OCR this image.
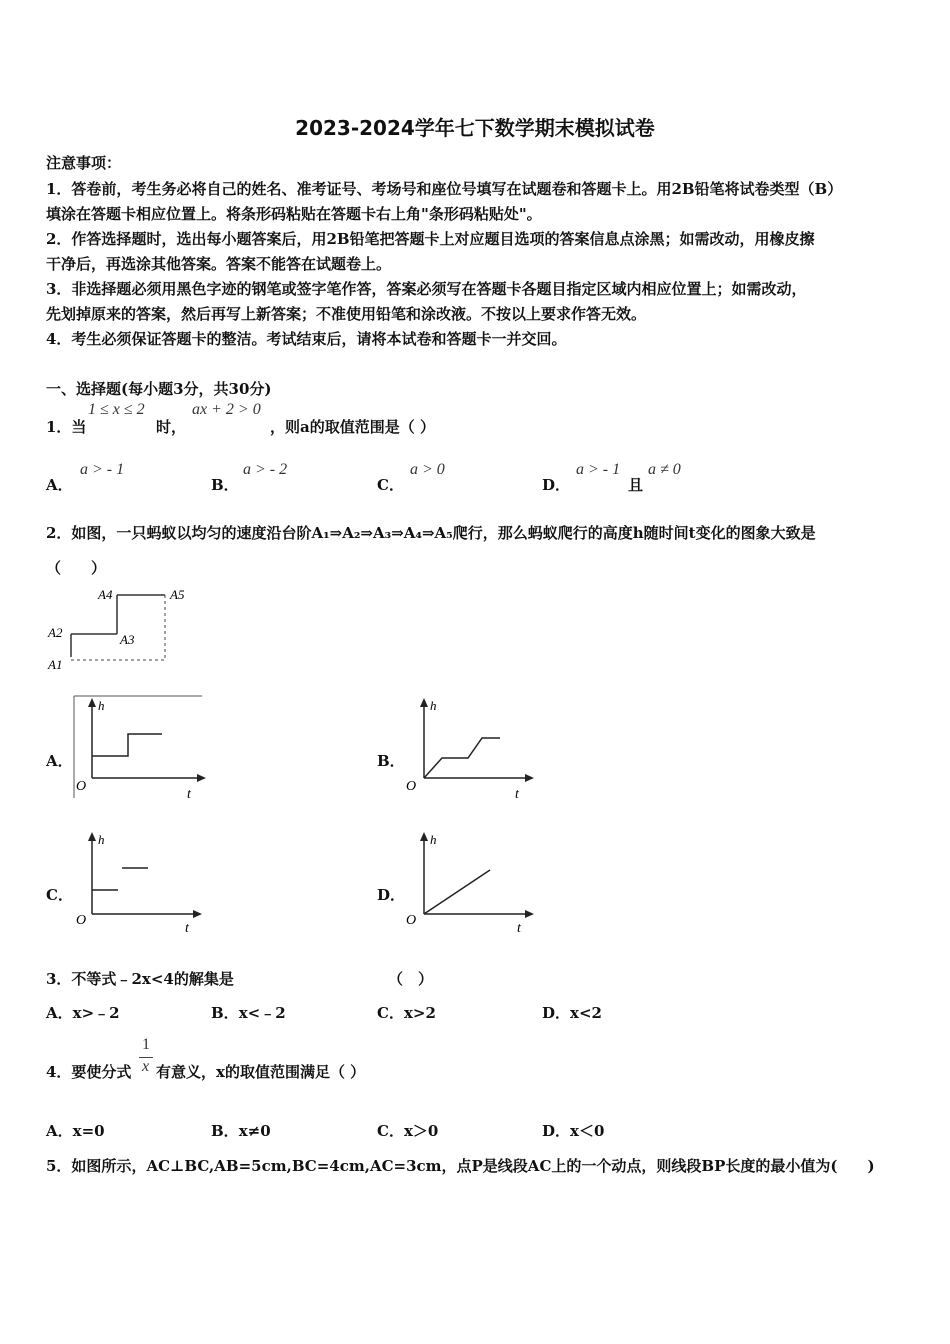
2023-2024学年七下数学期末模拟试卷
注意事项：
1．答卷前，考生务必将自己的姓名、准考证号、考场号和座位号填写在试题卷和答题卡上。用2B铅笔将试卷类型（B）
填涂在答题卡相应位置上。将条形码粘贴在答题卡右上角"条形码粘贴处"。
2．作答选择题时，选出每小题答案后，用2B铅笔把答题卡上对应题目选项的答案信息点涂黑；如需改动，用橡皮擦
干净后，再选涂其他答案。答案不能答在试题卷上。
3．非选择题必须用黑色字迹的钢笔或签字笔作答，答案必须写在答题卡各题目指定区域内相应位置上；如需改动，
先划掉原来的答案，然后再写上新答案；不准使用铅笔和涂改液。不按以上要求作答无效。
4．考生必须保证答题卡的整洁。考试结束后，请将本试卷和答题卡一并交回。
一、选择题(每小题3分，共30分)
1．当
1 ≤ x ≤ 2
时，
ax + 2 > 0
，则a的取值范围是（ ）
A．
a > - 1
B．
a > - 2
C．
a > 0
D．
a > - 1
且
a ≠ 0
2．如图，一只蚂蚁以均匀的速度沿台阶A₁⇒A₂⇒A₃⇒A₄⇒A₅爬行，那么蚂蚁爬行的高度h随时间t变化的图象大致是
（　　）
A4	A5
A2	A3
A1
A．
h
O
t
B．
h
O
t
C．
h
O
t
D．
h
O
t
3．不等式﹣2x<4的解集是	（　）
A．x>﹣2	B．x<﹣2	C．x>2	D．x<2
4．要使分式
1
x 有意义，x的取值范围满足（ ）
A．x=0	B．x≠0	C．x＞0	D．x＜0
5．如图所示，AC⊥BC,AB=5cm,BC=4cm,AC=3cm，点P是线段AC上的一个动点，则线段BP长度的最小值为(　　)
